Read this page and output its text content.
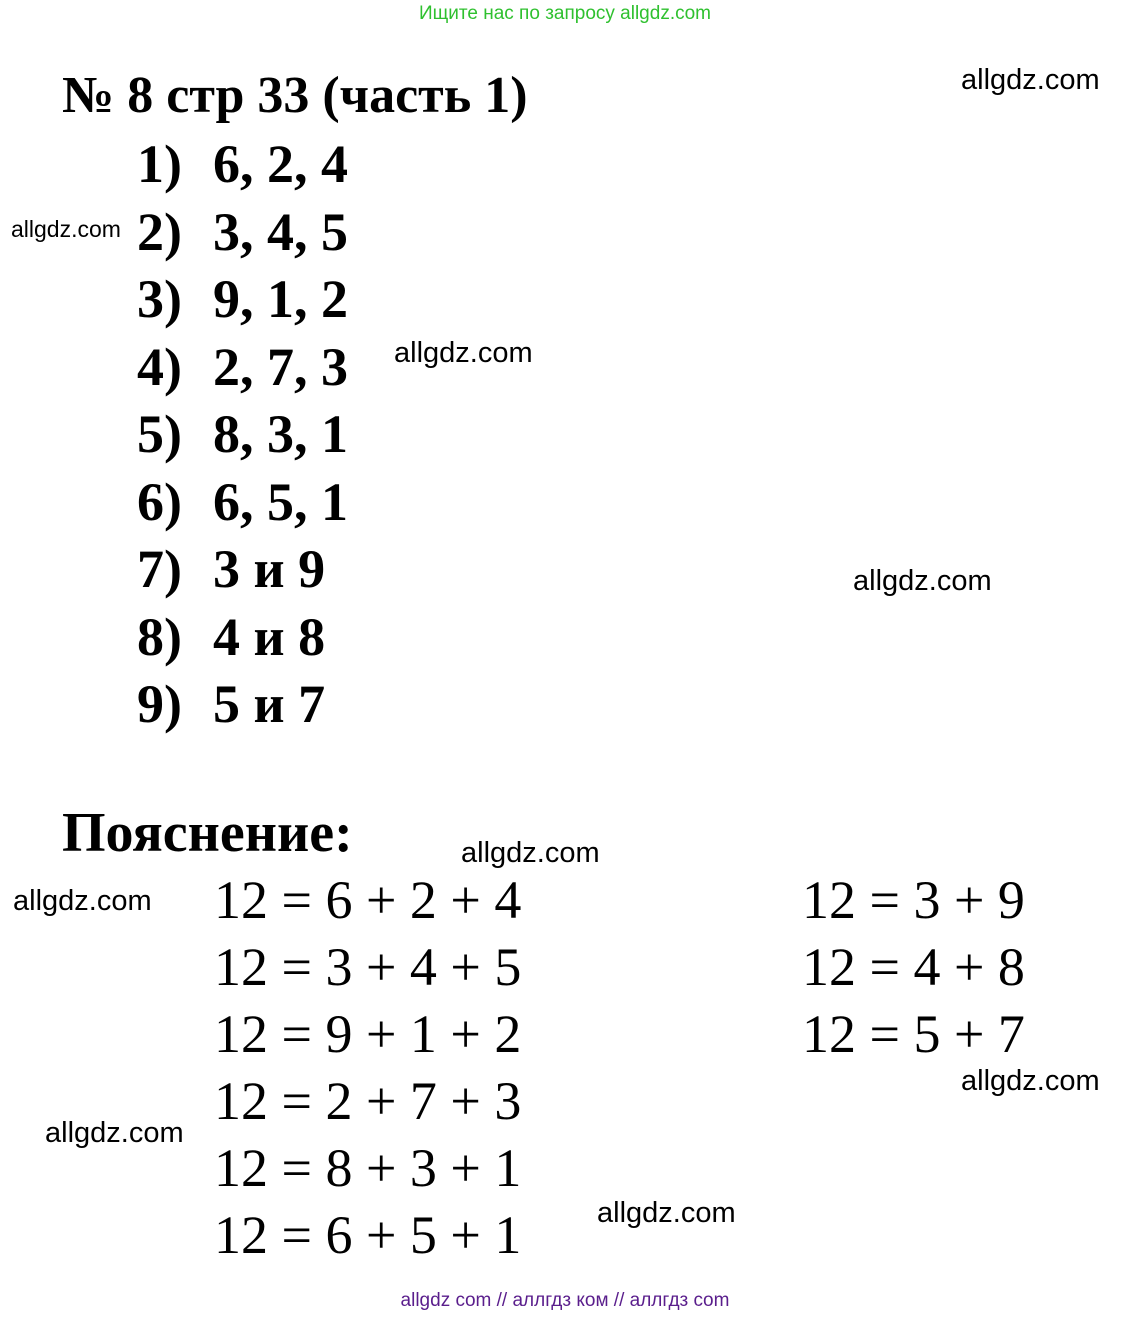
Ищите нас по запросу allgdz.com
№ 8 стр 33 (часть 1)
1) 6, 2, 4
2) 3, 4, 5
3) 9, 1, 2
4) 2, 7, 3
5) 8, 3, 1
6) 6, 5, 1
7) 3 и 9
8) 4 и 8
9) 5 и 7
Пояснение:
12 = 6 + 2 + 4
12 = 3 + 4 + 5
12 = 9 + 1 + 2
12 = 2 + 7 + 3
12 = 8 + 3 + 1
12 = 6 + 5 + 1
12 = 3 + 9
12 = 4 + 8
12 = 5 + 7
allgdz.com
allgdz.com
allgdz.com
allgdz.com
allgdz.com
allgdz.com
allgdz.com
allgdz.com
allgdz.com
allgdz com // аллгдз ком // аллгдз com
